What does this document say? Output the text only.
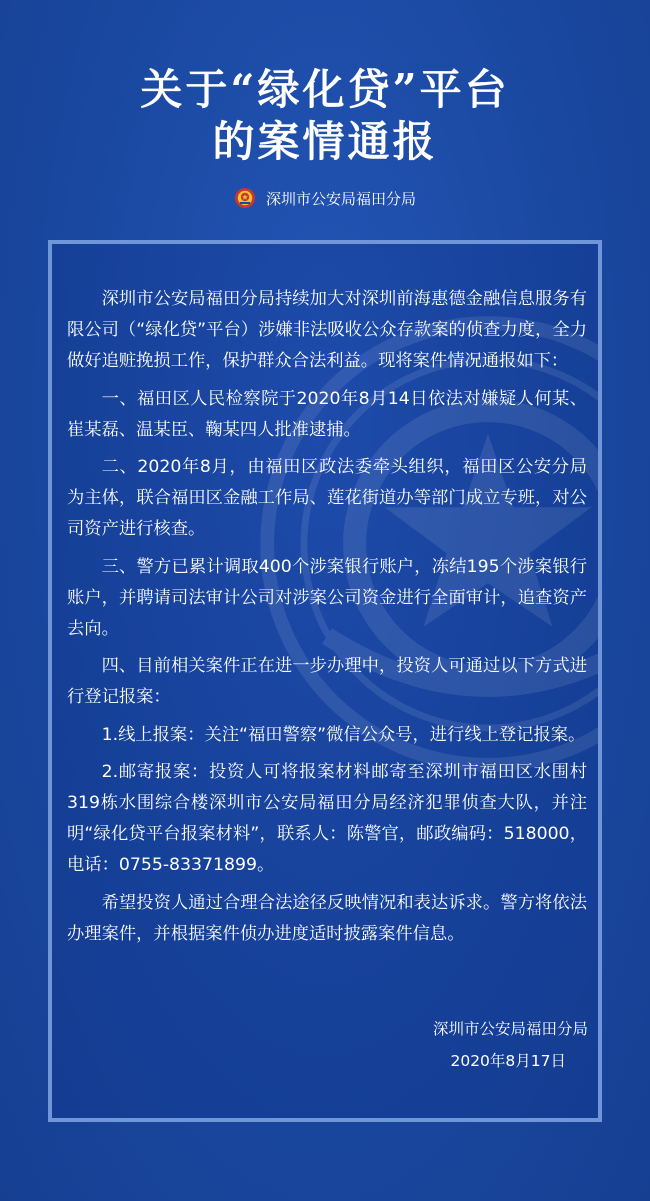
关于“绿化贷”平台
的案情通报
深圳市公安局福田分局

深圳市公安局福田分局持续加大对深圳前海惠德金融信息服务有限公司（“绿化贷”平台）涉嫌非法吸收公众存款案的侦查力度，全力做好追赃挽损工作，保护群众合法利益。现将案件情况通报如下：

一、福田区人民检察院于2020年8月14日依法对嫌疑人何某、崔某磊、温某臣、鞠某四人批准逮捕。

二、2020年8月，由福田区政法委牵头组织，福田区公安分局为主体，联合福田区金融工作局、莲花街道办等部门成立专班，对公司资产进行核查。

三、警方已累计调取400个涉案银行账户，冻结195个涉案银行账户，并聘请司法审计公司对涉案公司资金进行全面审计，追查资产去向。

四、目前相关案件正在进一步办理中，投资人可通过以下方式进行登记报案：

1.线上报案：关注“福田警察”微信公众号，进行线上登记报案。

2.邮寄报案：投资人可将报案材料邮寄至深圳市福田区水围村319栋水围综合楼深圳市公安局福田分局经济犯罪侦查大队，并注明“绿化贷平台报案材料”，联系人：陈警官，邮政编码：518000，电话：0755-83371899。

希望投资人通过合理合法途径反映情况和表达诉求。警方将依法办理案件，并根据案件侦办进度适时披露案件信息。

深圳市公安局福田分局
2020年8月17日
